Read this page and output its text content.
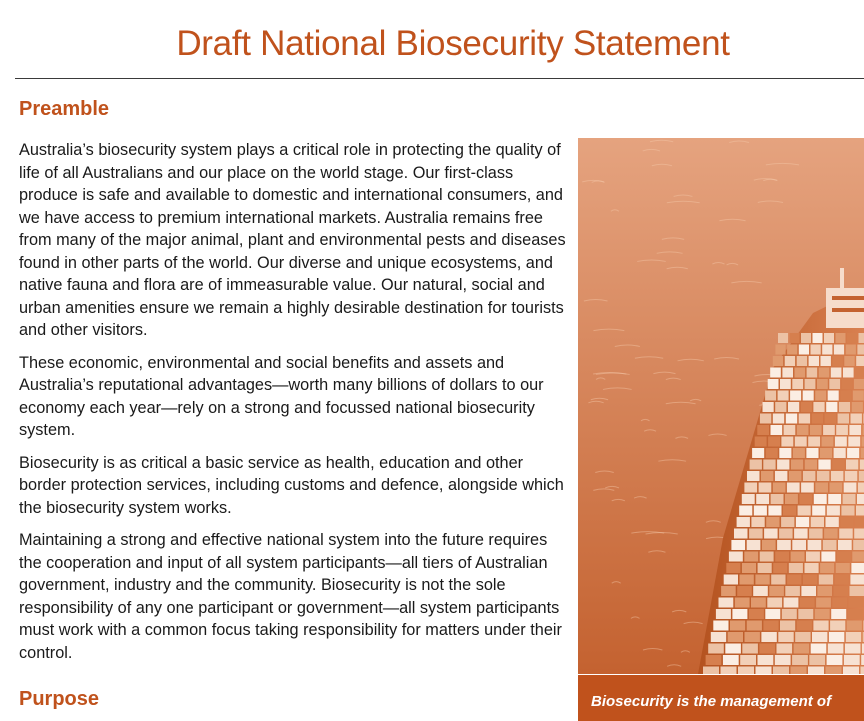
Draft National Biosecurity Statement
Preamble

Australia’s biosecurity system plays a critical role in protecting the quality of life of all Australians and our place on the world stage. Our first-class produce is safe and available to domestic and international consumers, and we have access to premium international markets. Australia remains free from many of the major animal, plant and environmental pests and diseases found in other parts of the world. Our diverse and unique ecosystems, and native fauna and flora are of immeasurable value. Our natural, social and urban amenities ensure we remain a highly desirable destination for tourists and other visitors.

These economic, environmental and social benefits and assets and Australia’s reputational advantages—worth many billions of dollars to our economy each year—rely on a strong and focussed national biosecurity system.

Biosecurity is as critical a basic service as health, education and other border protection services, including customs and defence, alongside which the biosecurity system works.

Maintaining a strong and effective national system into the future requires the cooperation and input of all system participants—all tiers of Australian government, industry and the community. Biosecurity is not the sole responsibility of any one participant or government—all system participants must work with a common focus taking responsibility for matters under their control.

Purpose	Biosecurity is the management of
